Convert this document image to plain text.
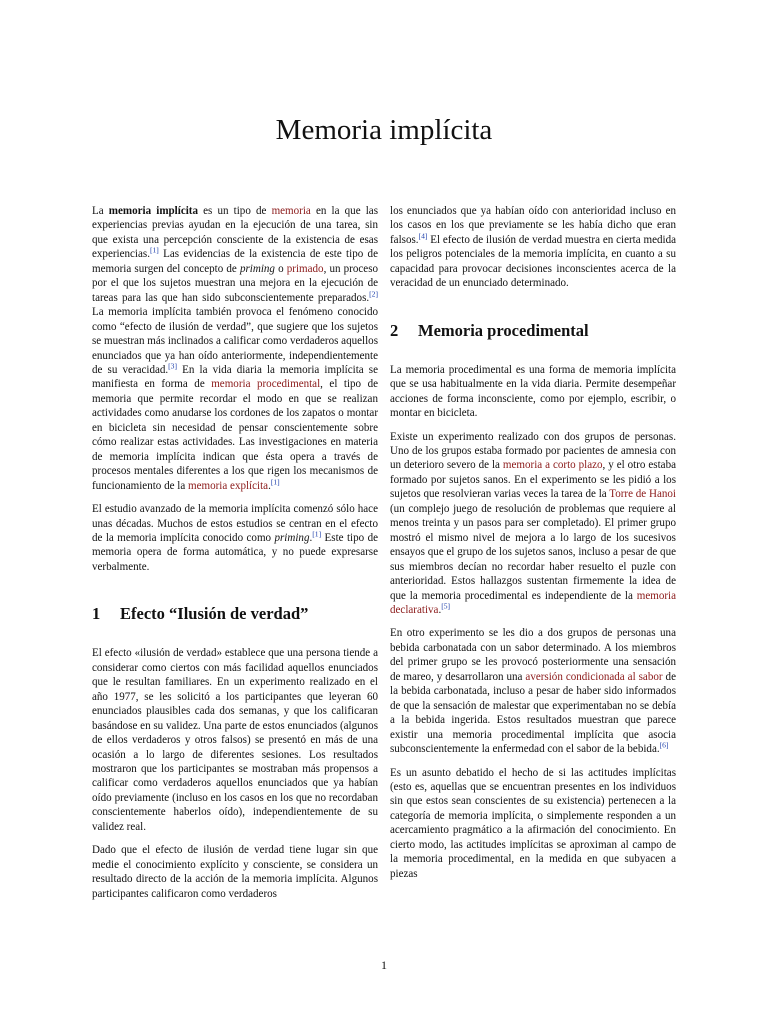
Memoria implícita

La memoria implícita es un tipo de memoria en la que las experiencias previas ayudan en la ejecución de una tarea, sin que exista una percepción consciente de la existencia de esas experiencias.[1] Las evidencias de la existencia de este tipo de memoria surgen del concepto de priming o primado, un proceso por el que los sujetos muestran una mejora en la ejecución de tareas para las que han sido subconscientemente preparados.[2] La memoria implícita también provoca el fenómeno conocido como “efecto de ilusión de verdad”, que sugiere que los sujetos se muestran más inclinados a calificar como verdaderos aquellos enunciados que ya han oído anteriormente, independientemente de su veracidad.[3] En la vida diaria la memoria implícita se manifiesta en forma de memoria procedimental, el tipo de memoria que permite recordar el modo en que se realizan actividades como anudarse los cordones de los zapatos o montar en bicicleta sin necesidad de pensar conscientemente sobre cómo realizar estas actividades. Las investigaciones en materia de memoria implícita indican que ésta opera a través de procesos mentales diferentes a los que rigen los mecanismos de funcionamiento de la memoria explícita.[1]

El estudio avanzado de la memoria implícita comenzó sólo hace unas décadas. Muchos de estos estudios se centran en el efecto de la memoria implícita conocido como priming.[1] Este tipo de memoria opera de forma automática, y no puede expresarse verbalmente.

1	Efecto “Ilusión de verdad”

El efecto «ilusión de verdad» establece que una persona tiende a considerar como ciertos con más facilidad aquellos enunciados que le resultan familiares. En un experimento realizado en el año 1977, se les solicitó a los participantes que leyeran 60 enunciados plausibles cada dos semanas, y que los calificaran basándose en su validez. Una parte de estos enunciados (algunos de ellos verdaderos y otros falsos) se presentó en más de una ocasión a lo largo de diferentes sesiones. Los resultados mostraron que los participantes se mostraban más propensos a calificar como verdaderos aquellos enunciados que ya habían oído previamente (incluso en los casos en los que no recordaban conscientemente haberlos oído), independientemente de su validez real.

Dado que el efecto de ilusión de verdad tiene lugar sin que medie el conocimiento explícito y consciente, se considera un resultado directo de la acción de la memoria implícita. Algunos participantes calificaron como verdaderos

los enunciados que ya habían oído con anterioridad incluso en los casos en los que previamente se les había dicho que eran falsos.[4] El efecto de ilusión de verdad muestra en cierta medida los peligros potenciales de la memoria implícita, en cuanto a su capacidad para provocar decisiones inconscientes acerca de la veracidad de un enunciado determinado.

2	Memoria procedimental

La memoria procedimental es una forma de memoria implícita que se usa habitualmente en la vida diaria. Permite desempeñar acciones de forma inconsciente, como por ejemplo, escribir, o montar en bicicleta.

Existe un experimento realizado con dos grupos de personas. Uno de los grupos estaba formado por pacientes de amnesia con un deterioro severo de la memoria a corto plazo, y el otro estaba formado por sujetos sanos. En el experimento se les pidió a los sujetos que resolvieran varias veces la tarea de la Torre de Hanoi (un complejo juego de resolución de problemas que requiere al menos treinta y un pasos para ser completado). El primer grupo mostró el mismo nivel de mejora a lo largo de los sucesivos ensayos que el grupo de los sujetos sanos, incluso a pesar de que sus miembros decían no recordar haber resuelto el puzle con anterioridad. Estos hallazgos sustentan firmemente la idea de que la memoria procedimental es independiente de la memoria declarativa.[5]

En otro experimento se les dio a dos grupos de personas una bebida carbonatada con un sabor determinado. A los miembros del primer grupo se les provocó posteriormente una sensación de mareo, y desarrollaron una aversión condicionada al sabor de la bebida carbonatada, incluso a pesar de haber sido informados de que la sensación de malestar que experimentaban no se debía a la bebida ingerida. Estos resultados muestran que parece existir una memoria procedimental implícita que asocia subconscientemente la enfermedad con el sabor de la bebida.[6]

Es un asunto debatido el hecho de si las actitudes implícitas (esto es, aquellas que se encuentran presentes en los individuos sin que estos sean conscientes de su existencia) pertenecen a la categoría de memoria implícita, o simplemente responden a un acercamiento pragmático a la afirmación del conocimiento. En cierto modo, las actitudes implícitas se aproximan al campo de la memoria procedimental, en la medida en que subyacen a piezas

1
